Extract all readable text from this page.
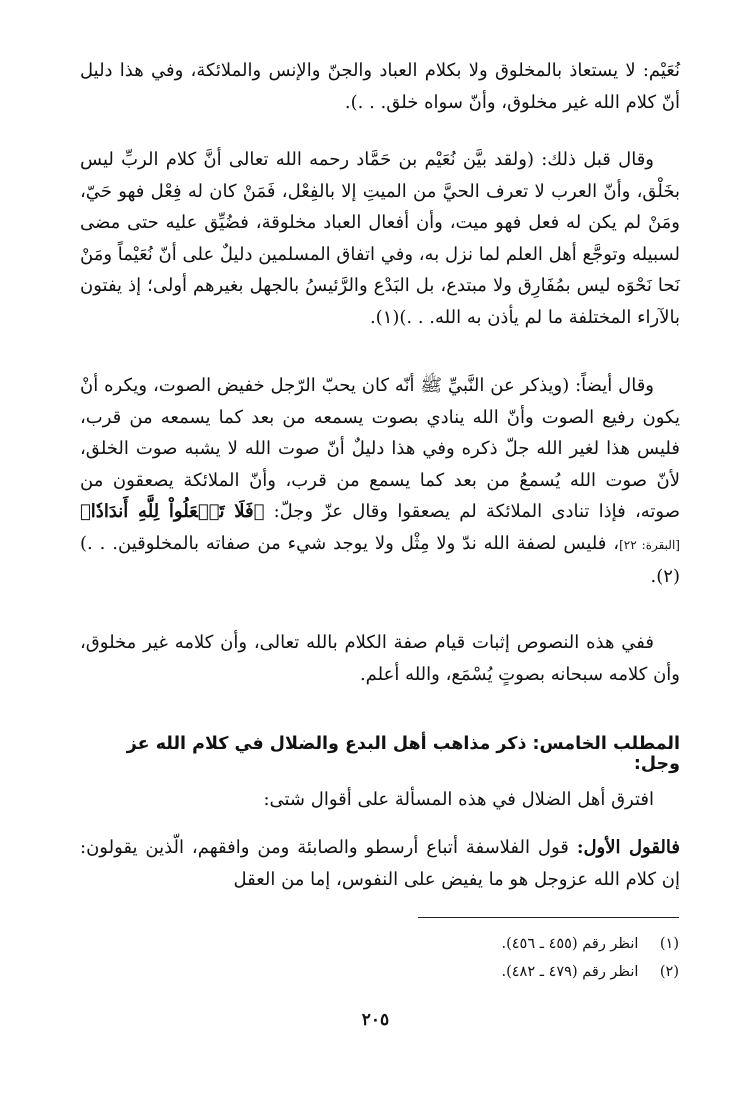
نُعَيْم: لا يستعاذ بالمخلوق ولا بكلام العباد والجنّ والإنس والملائكة، وفي هذا دليل أنّ كلام الله غير مخلوق، وأنّ سواه خلق. . .).

وقال قبل ذلك: (ولقد بيَّن نُعَيْم بن حَمَّاد رحمه الله تعالى أنَّ كلام الربِّ ليس بخَلْق، وأنّ العرب لا تعرف الحيَّ من الميتِ إلا بالفِعْل، فَمَنْ كان له فِعْل فهو حَيّ، ومَنْ لم يكن له فعل فهو ميت، وأن أفعال العباد مخلوقة، فضُيِّق عليه حتى مضى لسبيله وتوجَّع أهل العلم لما نزل به، وفي اتفاق المسلمين دليلٌ على أنّ نُعَيْماً ومَنْ نَحا نَحْوَه ليس بمُفَارِق ولا مبتدع، بل البَدْع والرَّئيسُ بالجهل بغيرهم أولى؛ إذ يفتون بالآراء المختلفة ما لم يأذن به الله. . .)(١).

وقال أيضاً: (ويذكر عن النَّبيِّ ﷺ أنّه كان يحبّ الرّجل خفيض الصوت، ويكره أنْ يكون رفيع الصوت وأنّ الله ينادي بصوت يسمعه من بعد كما يسمعه من قرب، فليس هذا لغير الله جلّ ذكره وفي هذا دليلٌ أنّ صوت الله لا يشبه صوت الخلق، لأنّ صوت الله يُسمعُ من بعد كما يسمع من قرب، وأنّ الملائكة يصعقون من صوته، فإذا تنادى الملائكة لم يصعقوا وقال عزّ وجلّ: ﴿فَلَا تَجۡعَلُواْ لِلَّهِ أَندَادٗا﴾ [البقرة: ٢٢]، فليس لصفة الله ندّ ولا مِثْل ولا يوجد شيء من صفاته بالمخلوقين. . .)(٢).

ففي هذه النصوص إثبات قيام صفة الكلام بالله تعالى، وأن كلامه غير مخلوق، وأن كلامه سبحانه بصوتٍ يُسْمَع، والله أعلم.

المطلب الخامس: ذكر مذاهب أهل البدع والضلال في كلام الله عز وجل:

افترق أهل الضلال في هذه المسألة على أقوال شتى:

فالقول الأول: قول الفلاسفة أتباع أرسطو والصابئة ومن وافقهم، الّذين يقولون: إن كلام الله عزوجل هو ما يفيض على النفوس، إما من العقل

(١) انظر رقم (٤٥٥ ـ ٤٥٦).
(٢) انظر رقم (٤٧٩ ـ ٤٨٢).
٢٠٥
